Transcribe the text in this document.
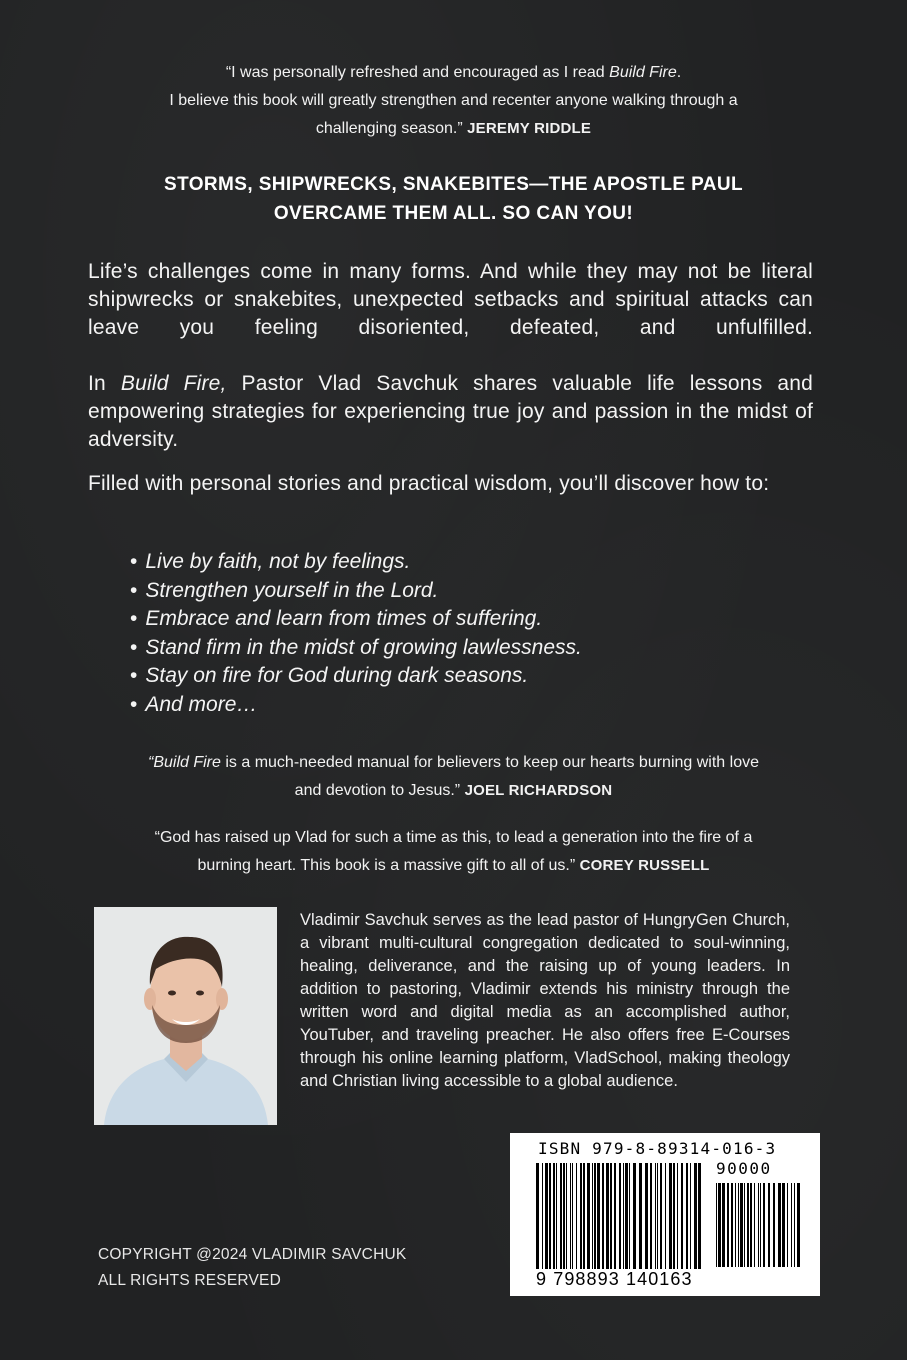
“I was personally refreshed and encouraged as I read Build Fire.
I believe this book will greatly strengthen and recenter anyone walking through a
challenging season.” JEREMY RIDDLE
STORMS, SHIPWRECKS, SNAKEBITES—THE APOSTLE PAUL
OVERCAME THEM ALL. SO CAN YOU!
Life’s challenges come in many forms. And while they may not be literal shipwrecks or snakebites, unexpected setbacks and spiritual attacks can leave you feeling disoriented, defeated, and unfulfilled.
In Build Fire, Pastor Vlad Savchuk shares valuable life lessons and empowering strategies for experiencing true joy and passion in the midst of adversity.
Filled with personal stories and practical wisdom, you’ll discover how to:
• Live by faith, not by feelings.
• Strengthen yourself in the Lord.
• Embrace and learn from times of suffering.
• Stand firm in the midst of growing lawlessness.
• Stay on fire for God during dark seasons.
• And more…
“Build Fire is a much-needed manual for believers to keep our hearts burning with love
and devotion to Jesus.” JOEL RICHARDSON
“God has raised up Vlad for such a time as this, to lead a generation into the fire of a
burning heart. This book is a massive gift to all of us.” COREY RUSSELL
Vladimir Savchuk serves as the lead pastor of HungryGen Church, a vibrant multi-cultural congregation dedicated to soul-winning, healing, deliverance, and the raising up of young leaders. In addition to pastoring, Vladimir extends his ministry through the written word and digital media as an accomplished author, YouTuber, and traveling preacher. He also offers free E-Courses through his online learning platform, VladSchool, making theology and Christian living accessible to a global audience.
ISBN 979-8-89314-016-3
90000
9 798893 140163
COPYRIGHT @2024 VLADIMIR SAVCHUK
ALL RIGHTS RESERVED
